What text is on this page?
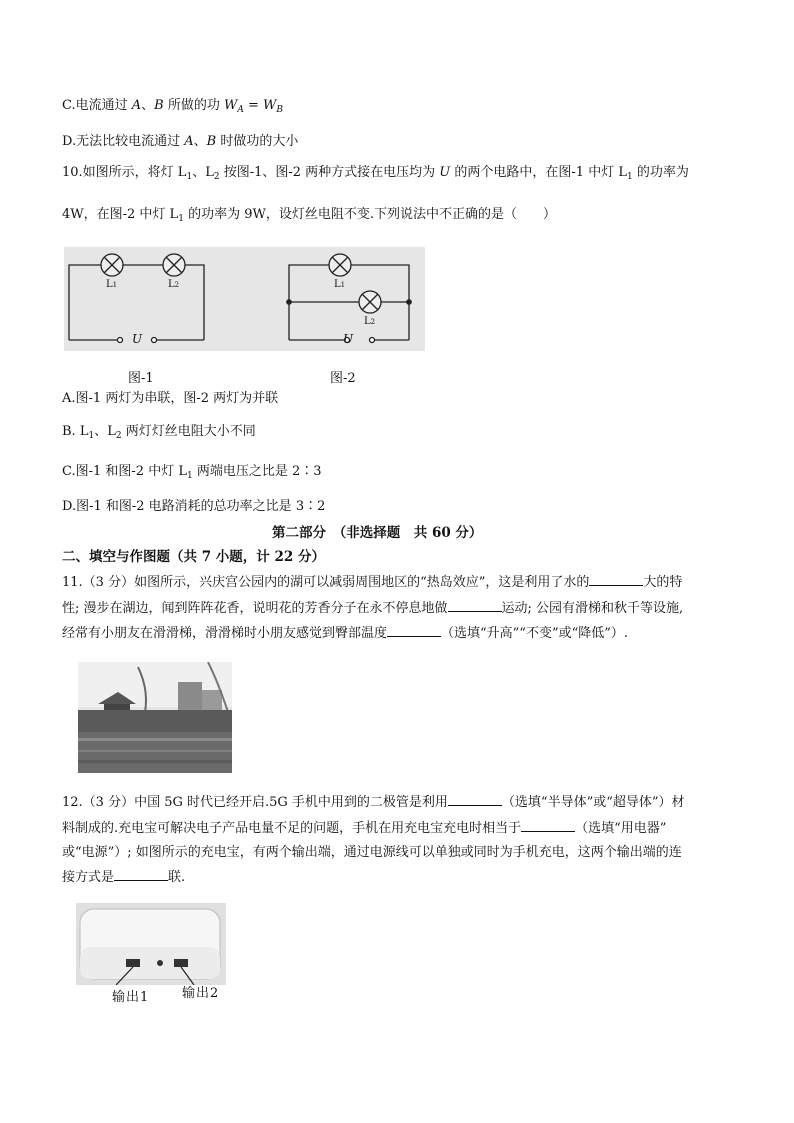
C.电流通过 A、B 所做的功 $W_A = W_B$
D.无法比较电流通过 A、B 时做功的大小
10.如图所示，将灯 $L_1$、$L_2$ 按图-1、图-2 两种方式接在电压均为 U 的两个电路中，在图-1 中灯 $L_1$ 的功率为
4W，在图-2 中灯 $L_1$ 的功率为 9W，设灯丝电阻不变.下列说法中不正确的是（　　）
L1	L2
U
L1
L2
U
图-1	图-2
A.图-1 两灯为串联，图-2 两灯为并联
B. $L_1$、$L_2$ 两灯灯丝电阻大小不同
C.图-1 和图-2 中灯 $L_1$ 两端电压之比是 2∶3
D.图-1 和图-2 电路消耗的总功率之比是 3∶2
第二部分　（非选择题　共 60 分）
二、填空与作图题（共 7 小题，计 22 分）
11.（3 分）如图所示，兴庆宫公园内的湖可以减弱周围地区的“热岛效应”，这是利用了水的	大的特
性; 漫步在湖边，闻到阵阵花香，说明花的芳香分子在永不停息地做	运动; 公园有滑梯和秋千等设施,
经常有小朋友在滑滑梯，滑滑梯时小朋友感觉到臀部温度	（选填“升高”“不变”或“降低”）.
12.（3 分）中国 5G 时代已经开启.5G 手机中用到的二极管是利用	（选填“半导体”或“超导体”）材
料制成的.充电宝可解决电子产品电量不足的问题，手机在用充电宝充电时相当于	（选填“用电器”
或“电源”）; 如图所示的充电宝，有两个输出端，通过电源线可以单独或同时为手机充电，这两个输出端的连
接方式是	联.
输出1	输出2
